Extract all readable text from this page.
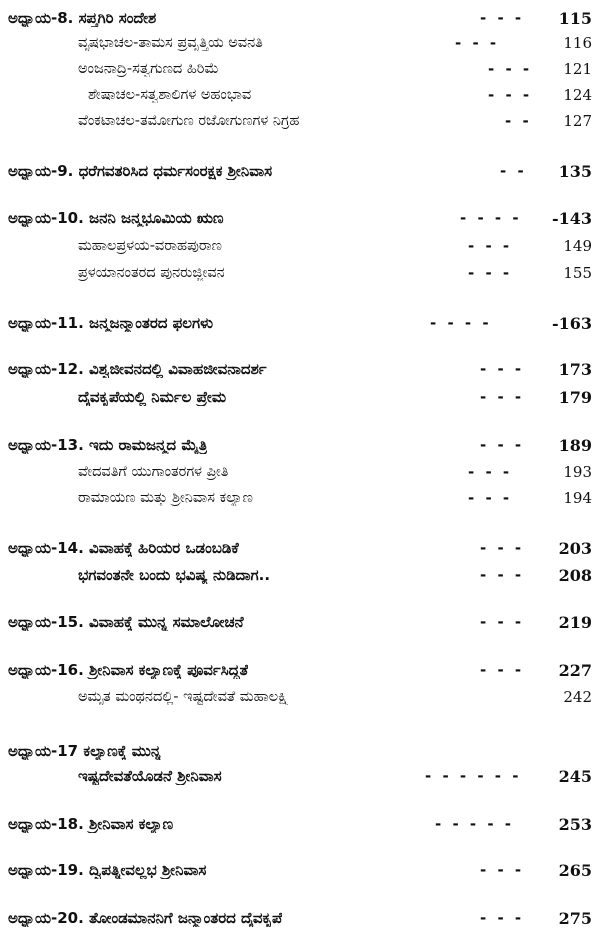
ಅಧ್ಯಾಯ-8. ಸಪ್ತಗಿರಿ ಸಂದೇಶ	- - -	115
ವೃಷಭಾಚಲ-ತಾಮಸ ಪ್ರವೃತ್ತಿಯ ಅವನತಿ	- - -	116
ಅಂಜನಾದ್ರಿ-ಸತ್ವಗುಣದ ಹಿರಿಮೆ	- - -	121
ಶೇಷಾಚಲ-ಸತ್ವಶಾಲಿಗಳ ಅಹಂಭಾವ	- - -	124
ವೆಂಕಟಾಚಲ-ತಮೋಗುಣ ರಜೋಗುಣಗಳ ನಿಗ್ರಹ	- -	127
ಅಧ್ಯಾಯ-9. ಧರೆಗವತರಿಸಿದ ಧರ್ಮಸಂರಕ್ಷಕ ಶ್ರೀನಿವಾಸ	- -	135
ಅಧ್ಯಾಯ-10. ಜನನಿ ಜನ್ಮಭೂಮಿಯ ಋಣ	- - - -	-143
ಮಹಾಲಪ್ರಳಯ-ವರಾಹಪುರಾಣ	- - -	149
ಪ್ರಳಯಾನಂತರದ ಪುನರುಜ್ಜೀವನ	- - -	155
ಅಧ್ಯಾಯ-11. ಜನ್ಮಜನ್ಮಾಂತರದ ಫಲಗಳು	- - - -	-163
ಅಧ್ಯಾಯ-12. ವಿಶ್ವಜೀವನದಲ್ಲಿ ವಿವಾಹಜೀವನಾದರ್ಶ	- - -	173
ದೈವಕೃಪೆಯಲ್ಲಿ ನಿರ್ಮಲ ಪ್ರೇಮ	- - -	179
ಅಧ್ಯಾಯ-13. ಇದು ರಾಮಜನ್ಮದ ಮೈತ್ರಿ	- - -	189
ವೇದವತಿಗೆ ಯುಗಾಂತರಗಳ ಪ್ರೀತಿ	- - -	193
ರಾಮಾಯಣ ಮತ್ತು ಶ್ರೀನಿವಾಸ ಕಲ್ಯಾಣ	- - -	194
ಅಧ್ಯಾಯ-14. ವಿವಾಹಕ್ಕೆ ಹಿರಿಯರ ಒಡಂಬಡಿಕೆ	- - -	203
ಭಗವಂತನೇ ಬಂದು ಭವಿಷ್ಯ ನುಡಿದಾಗ..	- - -	208
ಅಧ್ಯಾಯ-15. ವಿವಾಹಕ್ಕೆ ಮುನ್ನ ಸಮಾಲೋಚನೆ	- - -	219
ಅಧ್ಯಾಯ-16. ಶ್ರೀನಿವಾಸ ಕಲ್ಯಾಣಕ್ಕೆ ಪೂರ್ವಸಿದ್ಧತೆ	- - -	227
ಅಮೃತ ಮಂಥನದಲ್ಲಿ- ಇಷ್ಟದೇವತೆ ಮಹಾಲಕ್ಷ್ಮಿ	242
ಅಧ್ಯಾಯ-17 ಕಲ್ಯಾಣಕ್ಕೆ ಮುನ್ನ
ಇಷ್ಟದೇವತೆಯೊಡನೆ ಶ್ರೀನಿವಾಸ	- - - - - -	245
ಅಧ್ಯಾಯ-18. ಶ್ರೀನಿವಾಸ ಕಲ್ಯಾಣ	- - - - -	253
ಅಧ್ಯಾಯ-19. ದ್ವಿಪತ್ನೀವಲ್ಲಭ ಶ್ರೀನಿವಾಸ	- - -	265
ಅಧ್ಯಾಯ-20. ತೋಂಡಮಾನನಿಗೆ ಜನ್ಮಾಂತರದ ದೈವಕೃಪೆ	- - -	275
